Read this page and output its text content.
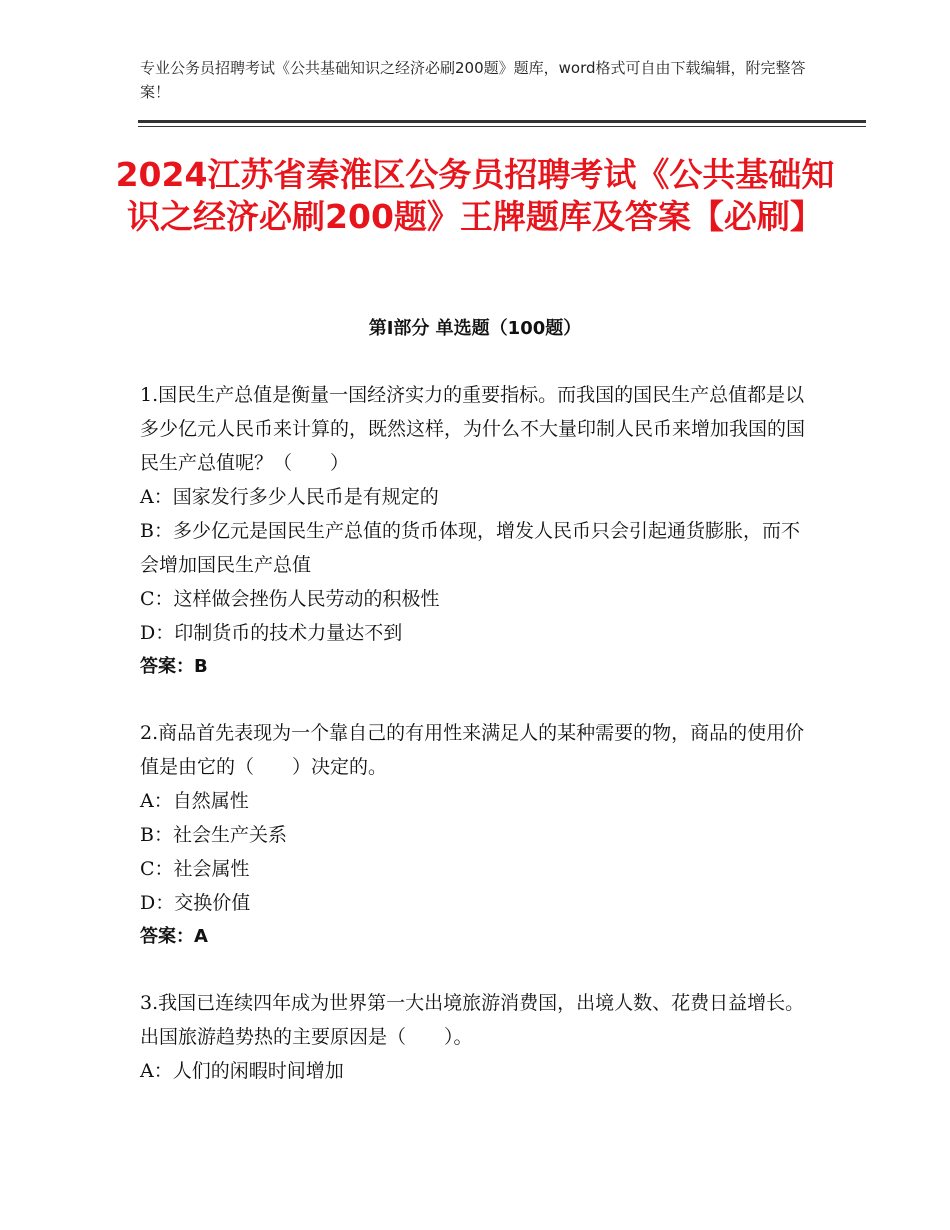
专业公务员招聘考试《公共基础知识之经济必刷200题》题库，word格式可自由下载编辑，附完整答案！
2024江苏省秦淮区公务员招聘考试《公共基础知识之经济必刷200题》王牌题库及答案【必刷】
第Ⅰ部分 单选题（100题）
1.国民生产总值是衡量一国经济实力的重要指标。而我国的国民生产总值都是以多少亿元人民币来计算的，既然这样，为什么不大量印制人民币来增加我国的国民生产总值呢？（　　）
A：国家发行多少人民币是有规定的
B：多少亿元是国民生产总值的货币体现，增发人民币只会引起通货膨胀，而不会增加国民生产总值
C：这样做会挫伤人民劳动的积极性
D：印制货币的技术力量达不到
答案：B
2.商品首先表现为一个靠自己的有用性来满足人的某种需要的物，商品的使用价值是由它的（　　）决定的。
A：自然属性
B：社会生产关系
C：社会属性
D：交换价值
答案：A
3.我国已连续四年成为世界第一大出境旅游消费国，出境人数、花费日益增长。出国旅游趋势热的主要原因是（　　）。
A：人们的闲暇时间增加
